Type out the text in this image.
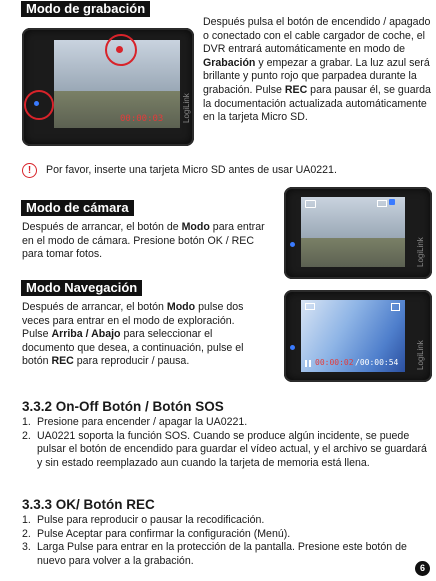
Modo de grabación
00:00:03 LogiLink
Después pulsa el botón de encendido / apagado o conectado con el cable cargador de coche, el DVR entrará automáticamente en modo de Grabación y empezar a grabar. La luz azul será brillante y punto rojo que parpadea durante la grabación. Pulse REC para pausar él, se guarda la documentación actualizada automáticamente en la tarjeta Micro SD.
!	Por favor, inserte una tarjeta Micro SD antes de usar UA0221.
Modo de cámara
Después de arrancar, el botón de Modo para entrar en el modo de cámara. Presione botón OK / REC para tomar fotos.	LogiLink
Modo Navegación
Después de arrancar, el botón Modo pulse dos veces para entrar en el modo de exploración. Pulse Arriba / Abajo para seleccionar el documento que desea, a continuación, pulse el botón REC para reproducir / pausa.	00:00:02 /00:00:54 LogiLink
3.3.2 On-Off Botón / Botón SOS
1. Presione para encender / apagar la UA0221.
2. UA0221 soporta la función SOS. Cuando se produce algún incidente, se puede pulsar el botón de encendido para guardar el vídeo actual, y el archivo se guardará y sin estado reemplazado aun cuando la tarjeta de memoria está llena.
3.3.3 OK/ Botón REC
1. Pulse para reproducir o pausar la recodificación.
2. Pulse Aceptar para confirmar la configuración (Menú).
3. Larga Pulse para entrar en la protección de la pantalla. Presione este botón de nuevo para volver a la grabación.
6
